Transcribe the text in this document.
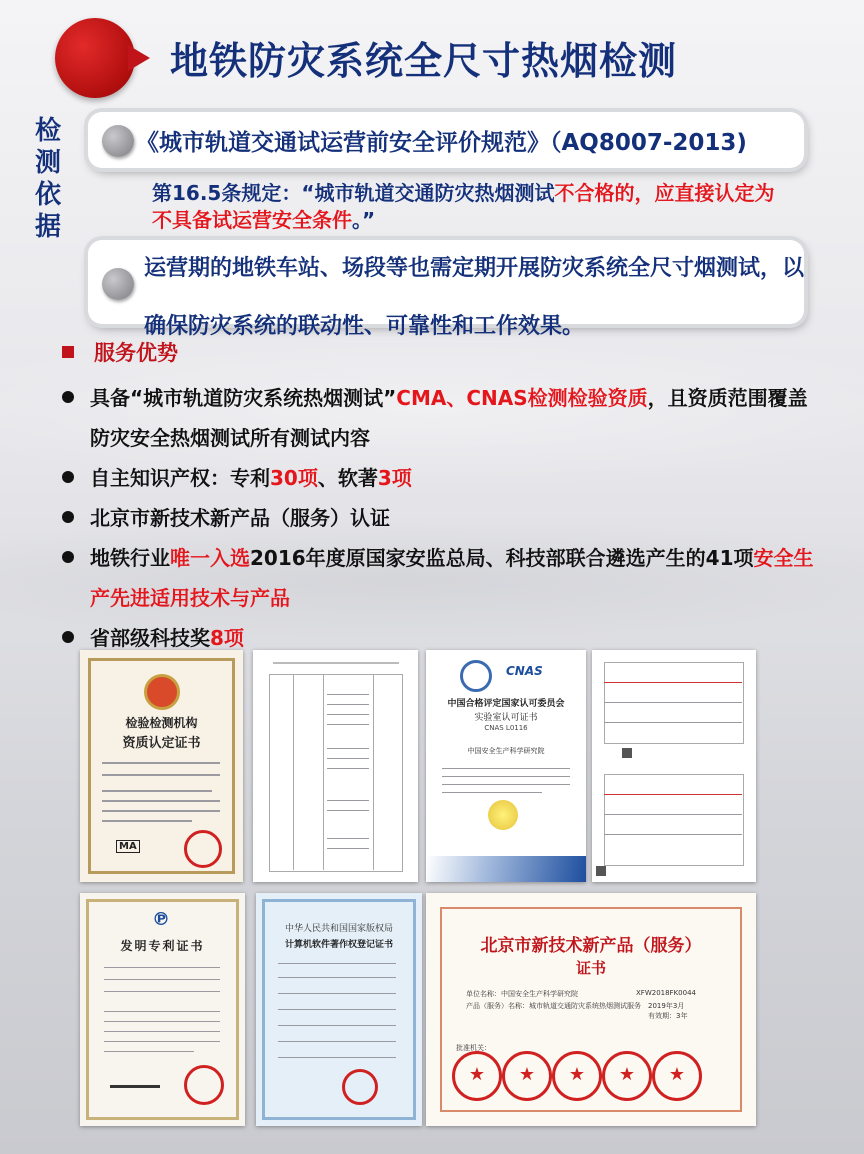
地铁防灾系统全尺寸热烟检测
检测依据
《城市轨道交通试运营前安全评价规范》（AQ8007-2013)
第16.5条规定：“城市轨道交通防灾热烟测试不合格的，应直接认定为不具备试运营安全条件。”
运营期的地铁车站、场段等也需定期开展防灾系统全尺寸烟测试，以确保防灾系统的联动性、可靠性和工作效果。
服务优势
具备“城市轨道防灾系统热烟测试”CMA、CNAS检测检验资质，且资质范围覆盖防灾安全热烟测试所有测试内容
自主知识产权：专利30项、软著3项
北京市新技术新产品（服务）认证
地铁行业唯一入选2016年度原国家安监总局、科技部联合遴选产生的41项安全生产先进适用技术与产品
省部级科技奖8项
检验检测机构
资质认定证书
MA
CNAS
中国合格评定国家认可委员会
实验室认可证书
CNAS L0116
中国安全生产科学研究院
℗
发明专利证书
中华人民共和国国家版权局
计算机软件著作权登记证书	北京市新技术新产品（服务）
证书
单位名称：中国安全生产科学研究院	XFW2018FK0044
产品（服务）名称：城市轨道交通防灾系统热烟测试服务 2019年3月
有效期：3年
批准机关：
★	★	★	★	★
